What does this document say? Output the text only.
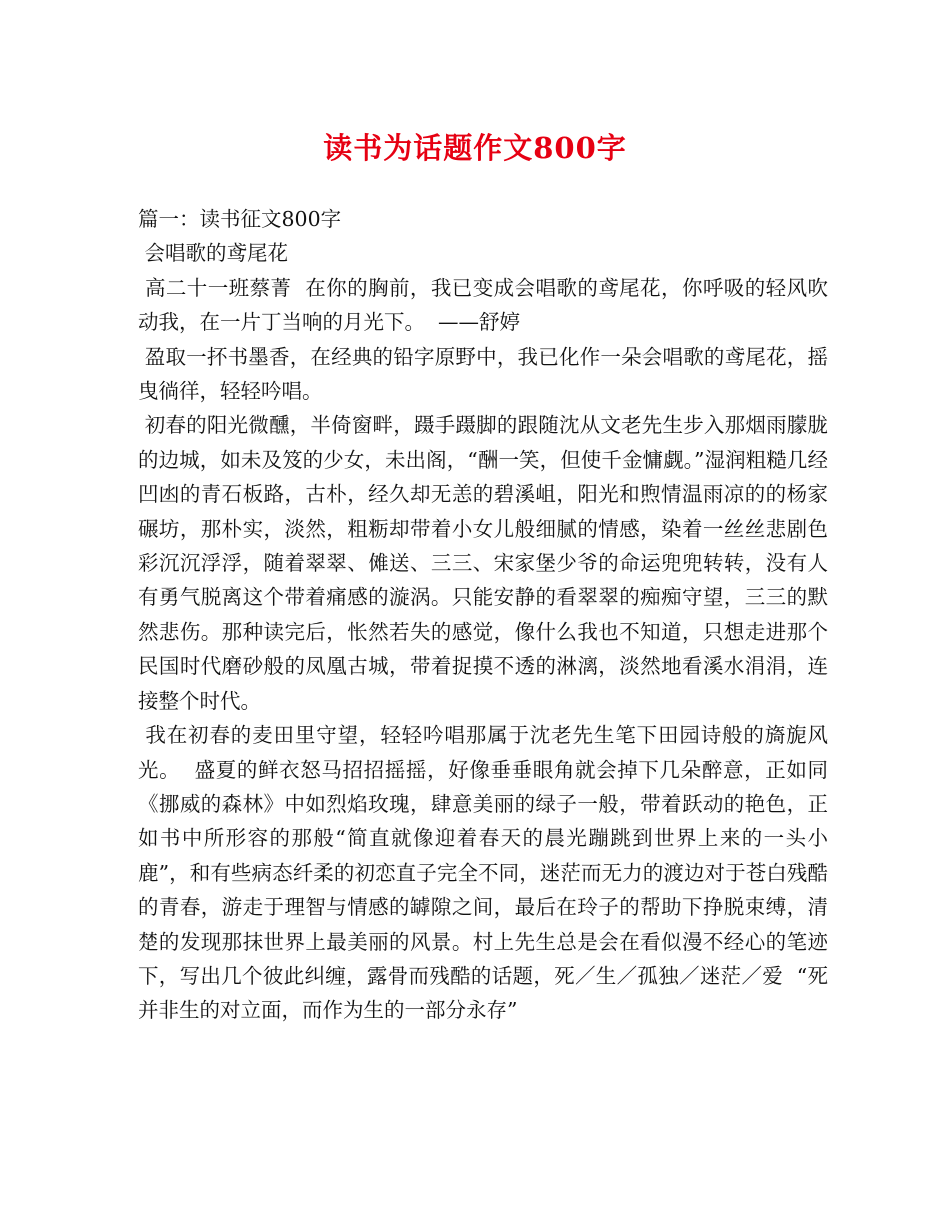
读书为话题作文800字

篇一：读书征文800字

会唱歌的鸢尾花

高二十一班蔡菁  在你的胸前，我已变成会唱歌的鸢尾花，你呼吸的轻风吹动我，在一片丁当响的月光下。  ——舒婷

盈取一抔书墨香，在经典的铅字原野中，我已化作一朵会唱歌的鸢尾花，摇曳徜徉，轻轻吟唱。

初春的阳光微醺，半倚窗畔，蹑手蹑脚的跟随沈从文老先生步入那烟雨朦胧的边城，如未及笈的少女，未出阁，“酬一笑，但使千金慵觑。”湿润粗糙几经凹凼的青石板路，古朴，经久却无恙的碧溪岨，阳光和煦情温雨凉的的杨家碾坊，那朴实，淡然，粗粝却带着小女儿般细腻的情感，染着一丝丝悲剧色彩沉沉浮浮，随着翠翠、傩送、三三、宋家堡少爷的命运兜兜转转，没有人有勇气脱离这个带着痛感的漩涡。只能安静的看翠翠的痴痴守望，三三的默然悲伤。那种读完后，怅然若失的感觉，像什么我也不知道，只想走进那个民国时代磨砂般的凤凰古城，带着捉摸不透的淋漓，淡然地看溪水涓涓，连接整个时代。

我在初春的麦田里守望，轻轻吟唱那属于沈老先生笔下田园诗般的旖旎风光。  盛夏的鲜衣怒马招招摇摇，好像垂垂眼角就会掉下几朵醉意，正如同《挪威的森林》中如烈焰玫瑰，肆意美丽的绿子一般，带着跃动的艳色，正如书中所形容的那般“简直就像迎着春天的晨光蹦跳到世界上来的一头小鹿”，和有些病态纤柔的初恋直子完全不同，迷茫而无力的渡边对于苍白残酷的青春，游走于理智与情感的罅隙之间，最后在玲子的帮助下挣脱束缚，清楚的发现那抹世界上最美丽的风景。村上先生总是会在看似漫不经心的笔迹下，写出几个彼此纠缠，露骨而残酷的话题，死／生／孤独／迷茫／爱  “死并非生的对立面，而作为生的一部分永存”
